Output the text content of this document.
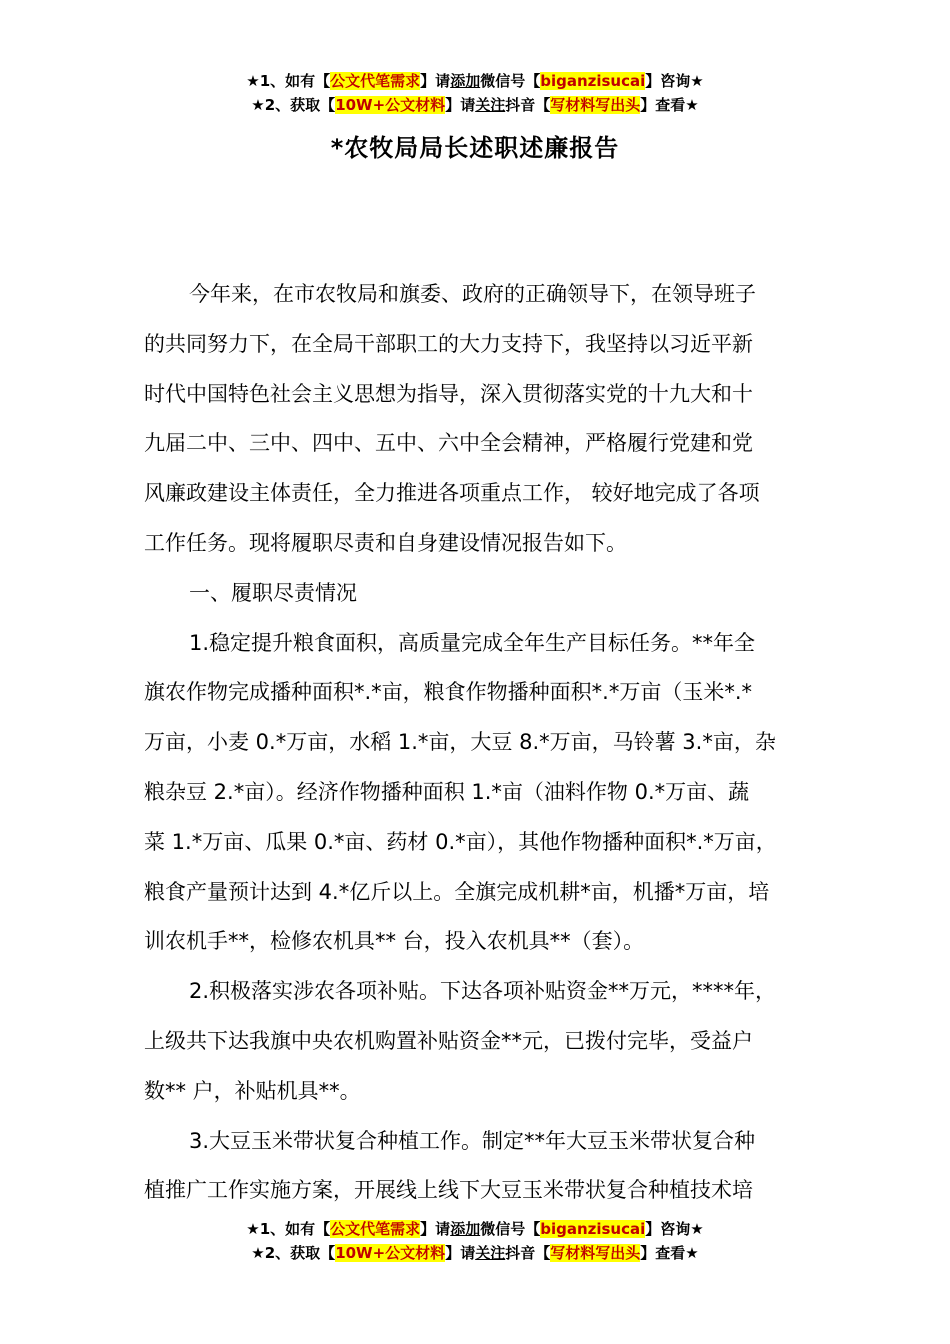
★1、如有【公文代笔需求】请添加微信号【biganzisucai】咨询★
★2、获取【10W+公文材料】请关注抖音【写材料写出头】查看★
*农牧局局长述职述廉报告
今年来，在市农牧局和旗委、政府的正确领导下，在领导班子
的共同努力下，在全局干部职工的大力支持下，我坚持以习近平新
时代中国特色社会主义思想为指导，深入贯彻落实党的十九大和十
九届二中、三中、四中、五中、六中全会精神，严格履行党建和党
风廉政建设主体责任，全力推进各项重点工作， 较好地完成了各项
工作任务。现将履职尽责和自身建设情况报告如下。
一、履职尽责情况
1.稳定提升粮食面积，高质量完成全年生产目标任务。**年全
旗农作物完成播种面积*.*亩，粮食作物播种面积*.*万亩（玉米*.*
万亩，小麦 0.*万亩，水稻 1.*亩，大豆 8.*万亩，马铃薯 3.*亩，杂
粮杂豆 2.*亩）。经济作物播种面积 1.*亩（油料作物 0.*万亩、蔬
菜 1.*万亩、瓜果 0.*亩、药材 0.*亩），其他作物播种面积*.*万亩，
粮食产量预计达到 4.*亿斤以上。全旗完成机耕*亩，机播*万亩，培
训农机手**，检修农机具** 台，投入农机具**（套）。
2.积极落实涉农各项补贴。下达各项补贴资金**万元，****年，
上级共下达我旗中央农机购置补贴资金**元，已拨付完毕，受益户
数** 户，补贴机具**。
3.大豆玉米带状复合种植工作。制定**年大豆玉米带状复合种
植推广工作实施方案，开展线上线下大豆玉米带状复合种植技术培
★1、如有【公文代笔需求】请添加微信号【biganzisucai】咨询★
★2、获取【10W+公文材料】请关注抖音【写材料写出头】查看★
